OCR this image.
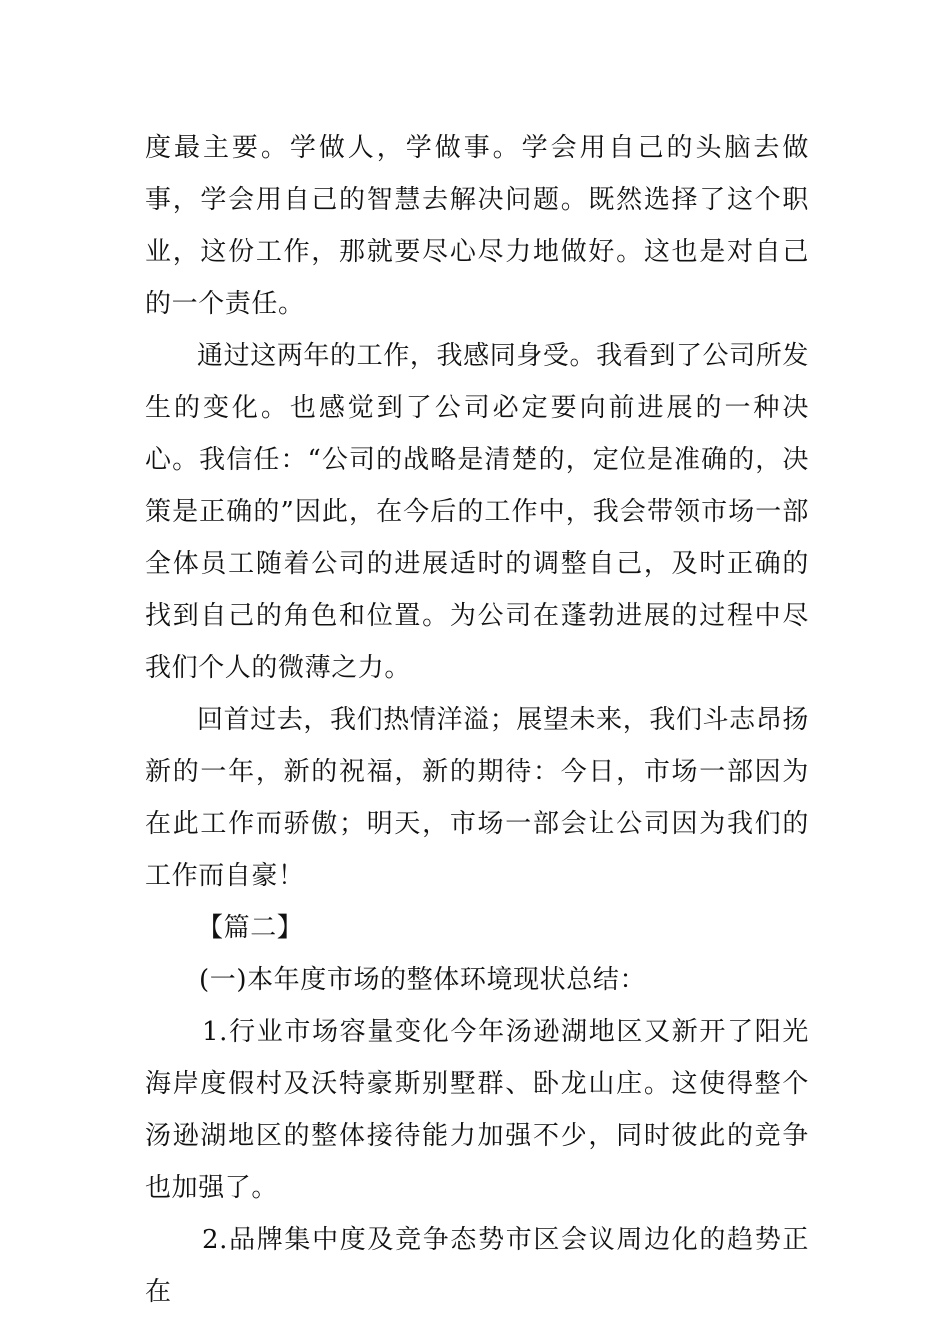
度最主要。学做人，学做事。学会用自己的头脑去做事，学会用自己的智慧去解决问题。既然选择了这个职业，这份工作，那就要尽心尽力地做好。这也是对自己的一个责任。

通过这两年的工作，我感同身受。我看到了公司所发生的变化。也感觉到了公司必定要向前进展的一种决心。我信任：“公司的战略是清楚的，定位是准确的，决策是正确的”因此，在今后的工作中，我会带领市场一部全体员工随着公司的进展适时的调整自己，及时正确的找到自己的角色和位置。为公司在蓬勃进展的过程中尽我们个人的微薄之力。

回首过去，我们热情洋溢；展望未来，我们斗志昂扬新的一年，新的祝福，新的期待：今日，市场一部因为在此工作而骄傲；明天，市场一部会让公司因为我们的工作而自豪！

【篇二】

(一)本年度市场的整体环境现状总结：

1.行业市场容量变化今年汤逊湖地区又新开了阳光海岸度假村及沃特豪斯别墅群、卧龙山庄。这使得整个汤逊湖地区的整体接待能力加强不少，同时彼此的竞争也加强了。

2.品牌集中度及竞争态势市区会议周边化的趋势正在
